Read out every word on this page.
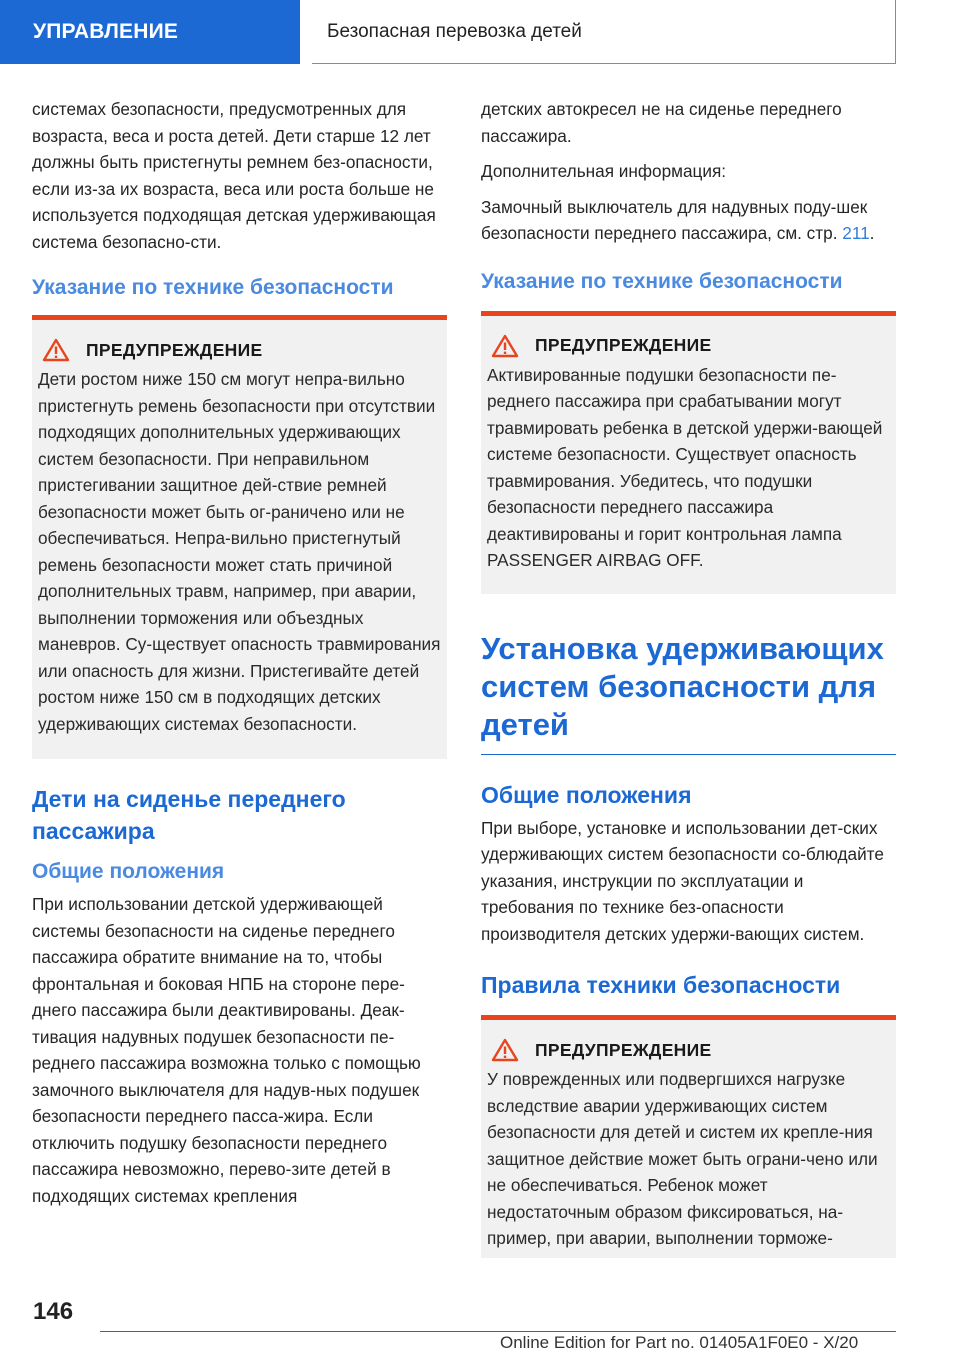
УПРАВЛЕНИЕ	Безопасная перевозка детей

системах безопасности, предусмотренных для возраста, веса и роста детей. Дети старше 12 лет должны быть пристегнуты ремнем без-опасности, если из-за их возраста, веса или роста больше не используется подходящая детская удерживающая система безопасно-сти.

Указание по технике безопасности
ПРЕДУПРЕЖДЕНИЕ

Дети ростом ниже 150 см могут непра-вильно пристегнуть ремень безопасности при отсутствии подходящих дополнительных удерживающих систем безопасности. При неправильном пристегивании защитное дей-ствие ремней безопасности может быть ог-раничено или не обеспечиваться. Непра-вильно пристегнутый ремень безопасности может стать причиной дополнительных травм, например, при аварии, выполнении торможения или объездных маневров. Су-ществует опасность травмирования или опасность для жизни. Пристегивайте детей ростом ниже 150 см в подходящих детских удерживающих системах безопасности.

Дети на сиденье переднего пассажира
Общие положения

При использовании детской удерживающей системы безопасности на сиденье переднего пассажира обратите внимание на то, чтобы фронтальная и боковая НПБ на стороне пере-днего пассажира были деактивированы. Деак-тивация надувных подушек безопасности пе-реднего пассажира возможна только с помощью замочного выключателя для надув-ных подушек безопасности переднего пасса-жира. Если отключить подушку безопасности переднего пассажира невозможно, перево-зите детей в подходящих системах крепления

детских автокресел не на сиденье переднего пассажира.

Дополнительная информация:

Замочный выключатель для надувных поду-шек безопасности переднего пассажира, см. стр. 211.

Указание по технике безопасности
ПРЕДУПРЕЖДЕНИЕ

Активированные подушки безопасности пе-реднего пассажира при срабатывании могут травмировать ребенка в детской удержи-вающей системе безопасности. Существует опасность травмирования. Убедитесь, что подушки безопасности переднего пассажира деактивированы и горит контрольная лампа PASSENGER AIRBAG OFF.

Установка удерживающих систем безопасности для детей
Общие положения

При выборе, установке и использовании дет-ских удерживающих систем безопасности со-блюдайте указания, инструкции по эксплуатации и требования по технике без-опасности производителя детских удержи-вающих систем.

Правила техники безопасности
ПРЕДУПРЕЖДЕНИЕ

У поврежденных или подвергшихся нагрузке вследствие аварии удерживающих систем безопасности для детей и систем их крепле-ния защитное действие может быть ограни-чено или не обеспечиваться. Ребенок может недостаточным образом фиксироваться, на-пример, при аварии, выполнении торможе-

146
Online Edition for Part no. 01405A1F0E0 - X/20
